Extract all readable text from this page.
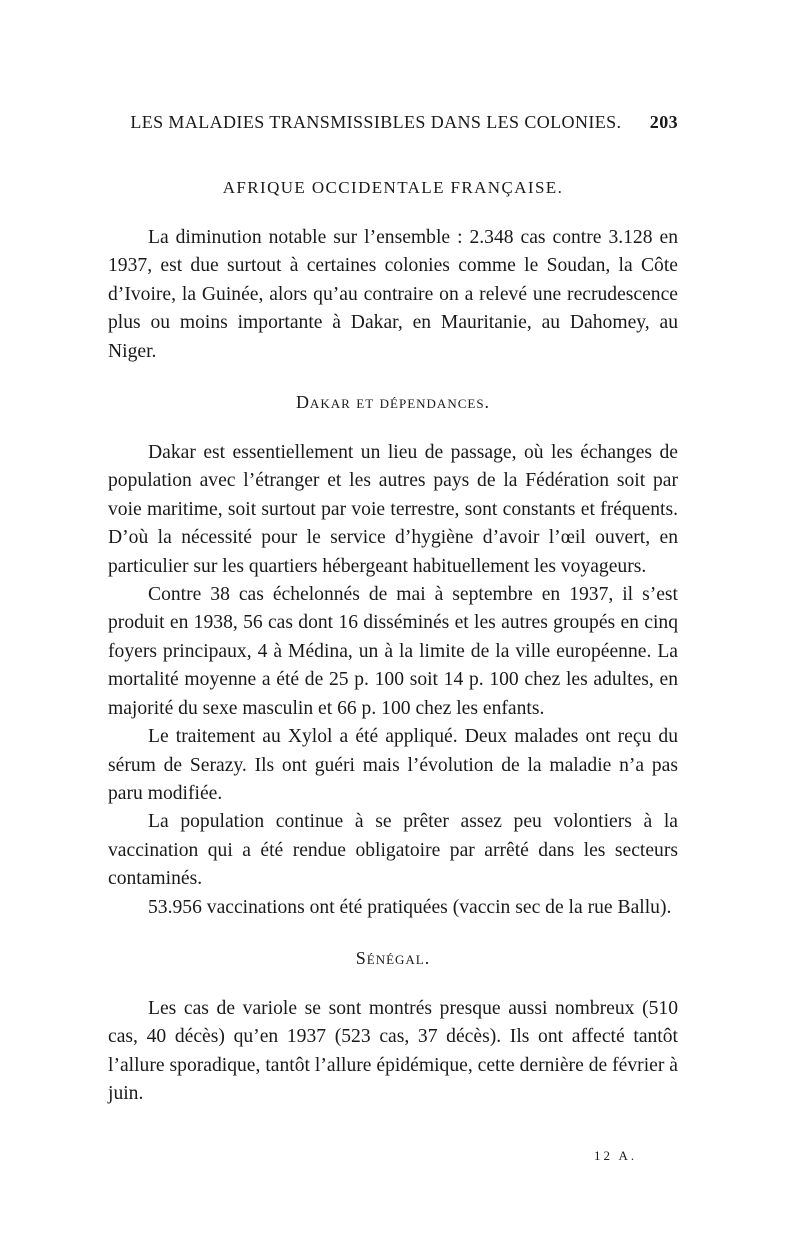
LES MALADIES TRANSMISSIBLES DANS LES COLONIES.	203
AFRIQUE OCCIDENTALE FRANÇAISE.

La diminution notable sur l’ensemble : 2.348 cas contre 3.128 en 1937, est due surtout à certaines colonies comme le Soudan, la Côte d’Ivoire, la Guinée, alors qu’au contraire on a relevé une recrudescence plus ou moins importante à Dakar, en Mauritanie, au Dahomey, au Niger.

Dakar et dépendances.

Dakar est essentiellement un lieu de passage, où les échanges de population avec l’étranger et les autres pays de la Fédération soit par voie maritime, soit surtout par voie terrestre, sont constants et fréquents. D’où la nécessité pour le service d’hygiène d’avoir l’œil ouvert, en particulier sur les quartiers hébergeant habituellement les voyageurs.

Contre 38 cas échelonnés de mai à septembre en 1937, il s’est produit en 1938, 56 cas dont 16 disséminés et les autres groupés en cinq foyers principaux, 4 à Médina, un à la limite de la ville européenne. La mortalité moyenne a été de 25 p. 100 soit 14 p. 100 chez les adultes, en majorité du sexe masculin et 66 p. 100 chez les enfants.

Le traitement au Xylol a été appliqué. Deux malades ont reçu du sérum de Serazy. Ils ont guéri mais l’évolution de la maladie n’a pas paru modifiée.

La population continue à se prêter assez peu volontiers à la vaccination qui a été rendue obligatoire par arrêté dans les secteurs contaminés.

53.956 vaccinations ont été pratiquées (vaccin sec de la rue Ballu).

Sénégal.

Les cas de variole se sont montrés presque aussi nombreux (510 cas, 40 décès) qu’en 1937 (523 cas, 37 décès). Ils ont affecté tantôt l’allure sporadique, tantôt l’allure épidémique, cette dernière de février à juin.

12 A.
